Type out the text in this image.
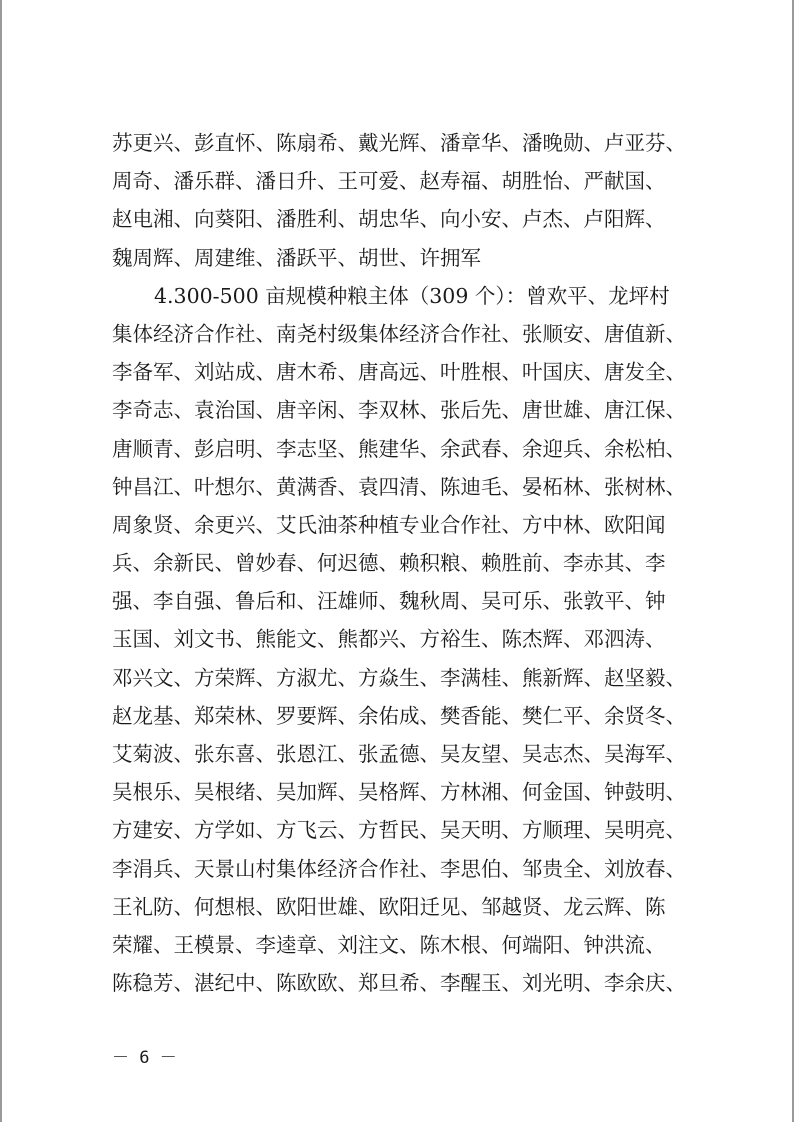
苏更兴、彭直怀、陈扇希、戴光辉、潘章华、潘晚勋、卢亚芬、
周奇、潘乐群、潘日升、王可爱、赵寿福、胡胜怡、严献国、
赵电湘、向葵阳、潘胜利、胡忠华、向小安、卢杰、卢阳辉、
魏周辉、周建维、潘跃平、胡世、许拥军
4.300-500 亩规模种粮主体（309 个）：曾欢平、龙坪村
集体经济合作社、南尧村级集体经济合作社、张顺安、唐值新、
李备军、刘站成、唐木希、唐高远、叶胜根、叶国庆、唐发全、
李奇志、袁治国、唐辛闲、李双林、张后先、唐世雄、唐江保、
唐顺青、彭启明、李志坚、熊建华、余武春、余迎兵、余松柏、
钟昌江、叶想尔、黄满香、袁四清、陈迪毛、晏柘林、张树林、
周象贤、余更兴、艾氏油茶种植专业合作社、方中林、欧阳闻
兵、余新民、曾妙春、何迟德、赖积粮、赖胜前、李赤其、李
强、李自强、鲁后和、汪雄师、魏秋周、吴可乐、张敦平、钟
玉国、刘文书、熊能文、熊都兴、方裕生、陈杰辉、邓泗涛、
邓兴文、方荣辉、方淑尤、方焱生、李满桂、熊新辉、赵坚毅、
赵龙基、郑荣林、罗要辉、余佑成、樊香能、樊仁平、余贤冬、
艾菊波、张东喜、张恩江、张孟德、吴友望、吴志杰、吴海军、
吴根乐、吴根绪、吴加辉、吴格辉、方林湘、何金国、钟鼓明、
方建安、方学如、方飞云、方哲民、吴天明、方顺理、吴明亮、
李涓兵、天景山村集体经济合作社、李思伯、邹贵全、刘放春、
王礼防、何想根、欧阳世雄、欧阳迁见、邹越贤、龙云辉、陈
荣耀、王模景、李逵章、刘注文、陈木根、何端阳、钟洪流、
陈稳芳、湛纪中、陈欧欧、郑旦希、李醒玉、刘光明、李余庆、
－ 6 －
